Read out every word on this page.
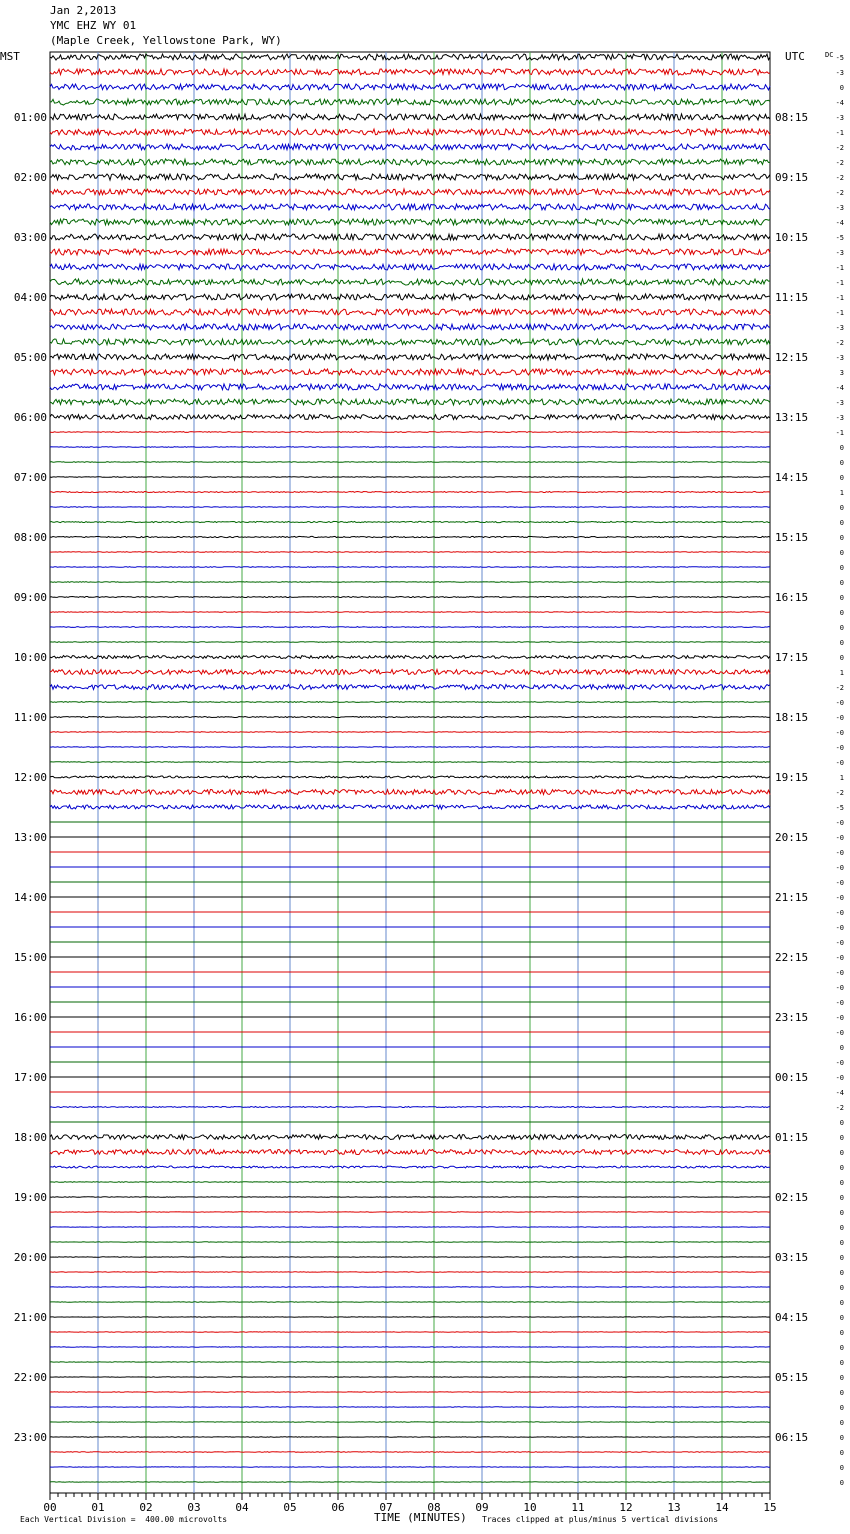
Jan 2,2013
YMC EHZ WY 01
(Maple Creek, Yellowstone Park, WY)
01:00	08:15
02:00	09:15
03:00	10:15
04:00	11:15
05:00	12:15
06:00	13:15
07:00	14:15
08:00	15:15
09:00	16:15
10:00	17:15
11:00	18:15
12:00	19:15
13:00	20:15
14:00	21:15
15:00	22:15
16:00	23:15
17:00	00:15
18:00	01:15
19:00	02:15
20:00	03:15
21:00	04:15
22:00	05:15
23:00	06:15
MST	UTC	DC -5
-3
0
-4
-3
-1
-2
-2
-2
-2
-3
-4
-5
-3
-1
-1
-1
-1
-3
-2
-3
3
-4
-3
-3
-1
0
0
0
1
0
0
0
0
0
0
0
0
0
0
0
1
-2
-0
-0
-0
-0
-0
1
-2
-5
-0
-0
-0
-0
-0
-0
-0
-0
-0
-0
-0
-0
-0
-0
-0
0
-0
-0
-4
-2
0
0
0
0
0
0
0
0
0
0
0
0
0
0
0
0
0
0
0
0
0
0
0
0
0
00	01	02	03	04	05	06	07	08	09	10	11	12	13	14	15
TIME (MINUTES)
Each Vertical Division =  400.00 microvolts	Traces clipped at plus/minus 5 vertical divisions
